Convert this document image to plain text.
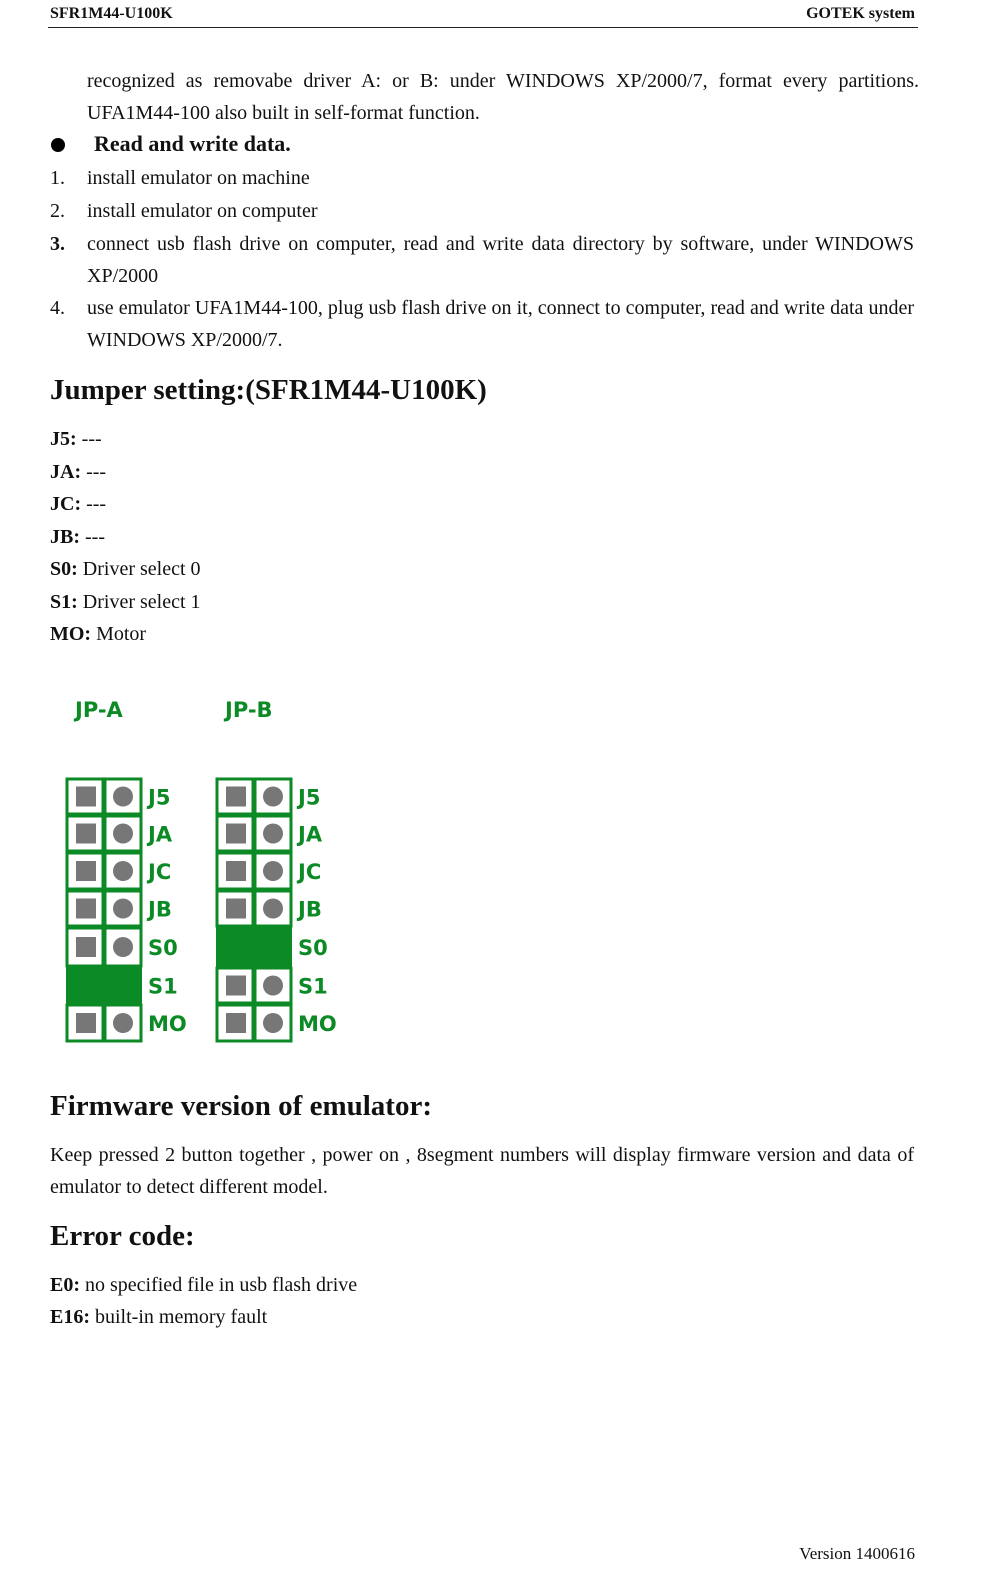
SFR1M44-U100K	GOTEK system
recognized as removabe driver A: or B: under WINDOWS XP/2000/7, format every partitions. UFA1M44-100 also built in self-format function.
Read and write data.
1. install emulator on machine
2. install emulator on computer
3. connect usb flash drive on computer, read and write data directory by software, under WINDOWS XP/2000
4. use emulator UFA1M44-100, plug usb flash drive on it, connect to computer, read and write data under WINDOWS XP/2000/7.
Jumper setting:(SFR1M44-U100K)
J5: ---
JA: ---
JC: ---
JB: ---
S0: Driver select 0
S1: Driver select 1
MO: Motor
JP-A
J5
JA
JC
JB
S0
S1
MO
JP-B
J5
JA
JC
JB
S0
S1
MO
Firmware version of emulator:
Keep pressed 2 button together , power on , 8segment numbers will display firmware version and data of emulator to detect different model.
Error code:
E0: no specified file in usb flash drive
E16: built-in memory fault
Version 1400616
